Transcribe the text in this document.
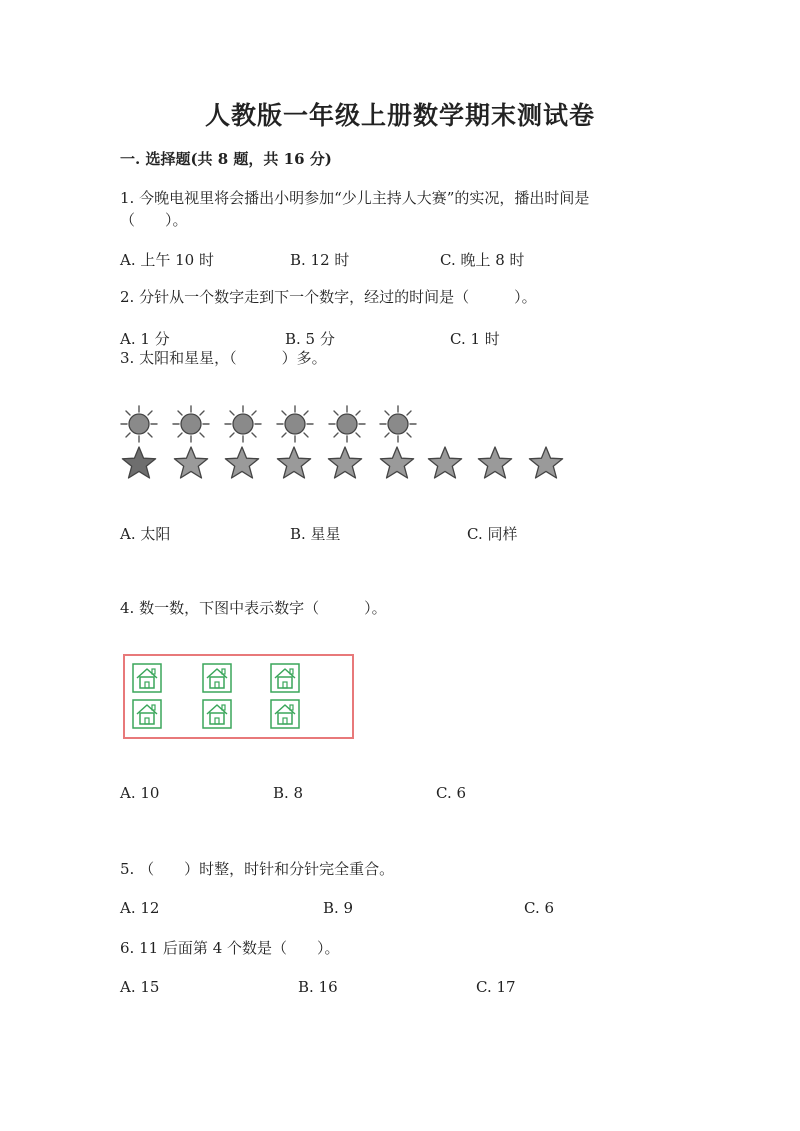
人教版一年级上册数学期末测试卷
一. 选择题(共 8 题，共 16 分)
1. 今晚电视里将会播出小明参加“少儿主持人大赛”的实况，播出时间是
（　　）。
A. 上午 10 时	B. 12 时	C. 晚上 8 时
2. 分针从一个数字走到下一个数字，经过的时间是（　　　）。
A. 1 分	B. 5 分	C. 1 时
3. 太阳和星星，（　　　）多。
A. 太阳	B. 星星	C. 同样
4. 数一数，下图中表示数字（　　　）。
A. 10	B. 8	C. 6
5. （　　）时整，时针和分针完全重合。
A. 12	B. 9	C. 6
6. 11 后面第 4 个数是（　　）。
A. 15	B. 16	C. 17
